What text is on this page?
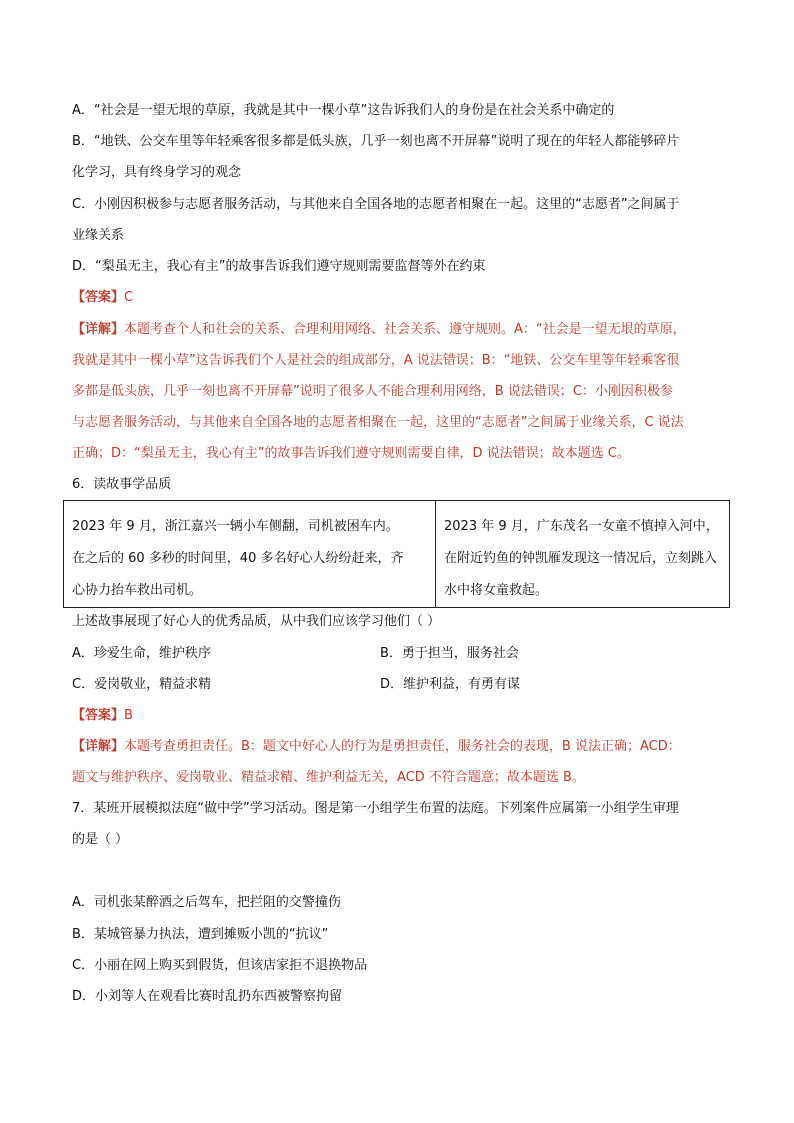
A．“社会是一望无垠的草原，我就是其中一棵小草”这告诉我们人的身份是在社会关系中确定的
B．“地铁、公交车里等年轻乘客很多都是低头族，几乎一刻也离不开屏幕”说明了现在的年轻人都能够碎片
化学习，具有终身学习的观念
C．小刚因积极参与志愿者服务活动，与其他来自全国各地的志愿者相聚在一起。这里的“志愿者”之间属于
业缘关系
D．“梨虽无主，我心有主”的故事告诉我们遵守规则需要监督等外在约束
【答案】C
【详解】本题考查个人和社会的关系、合理利用网络、社会关系、遵守规则。A：“社会是一望无垠的草原，
我就是其中一棵小草”这告诉我们个人是社会的组成部分，A 说法错误；B：“地铁、公交车里等年轻乘客很
多都是低头族，几乎一刻也离不开屏幕”说明了很多人不能合理利用网络，B 说法错误；C：小刚因积极参
与志愿者服务活动，与其他来自全国各地的志愿者相聚在一起，这里的“志愿者”之间属于业缘关系，C 说法
正确；D：“梨虽无主，我心有主”的故事告诉我们遵守规则需要自律，D 说法错误；故本题选 C。
6．读故事学品质
2023 年 9 月，浙江嘉兴一辆小车侧翻，司机被困车内。
在之后的 60 多秒的时间里，40 多名好心人纷纷赶来，齐
心协力抬车救出司机。

2023 年 9 月，广东茂名一女童不慎掉入河中，
在附近钓鱼的钟凯雁发现这一情况后，立刻跳入
水中将女童救起。
上述故事展现了好心人的优秀品质，从中我们应该学习他们（ ）
A．珍爱生命，维护秩序	B．勇于担当，服务社会
C．爱岗敬业，精益求精	D．维护利益，有勇有谋
【答案】B
【详解】本题考查勇担责任。B：题文中好心人的行为是勇担责任，服务社会的表现，B 说法正确；ACD：
题文与维护秩序、爱岗敬业、精益求精、维护利益无关，ACD 不符合题意；故本题选 B。
7．某班开展模拟法庭“做中学”学习活动。图是第一小组学生布置的法庭。下列案件应属第一小组学生审理
的是（ ）
A．司机张某醉酒之后驾车，把拦阻的交警撞伤
B．某城管暴力执法，遭到摊贩小凯的“抗议”
C．小丽在网上购买到假货，但该店家拒不退换物品
D．小刘等人在观看比赛时乱扔东西被警察拘留
